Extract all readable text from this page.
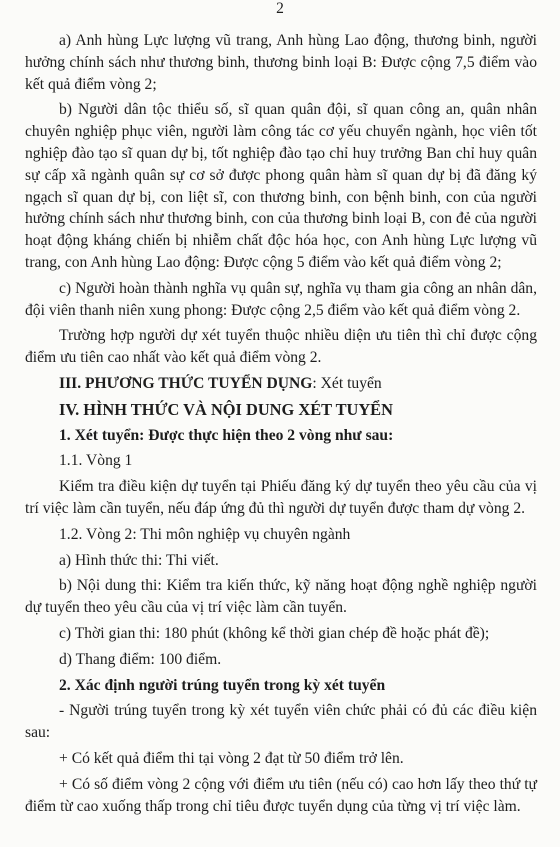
2

a) Anh hùng Lực lượng vũ trang, Anh hùng Lao động, thương binh, người hưởng chính sách như thương binh, thương binh loại B: Được cộng 7,5 điểm vào kết quả điểm vòng 2;

b) Người dân tộc thiểu số, sĩ quan quân đội, sĩ quan công an, quân nhân chuyên nghiệp phục viên, người làm công tác cơ yếu chuyển ngành, học viên tốt nghiệp đào tạo sĩ quan dự bị, tốt nghiệp đào tạo chỉ huy trưởng Ban chỉ huy quân sự cấp xã ngành quân sự cơ sở được phong quân hàm sĩ quan dự bị đã đăng ký ngạch sĩ quan dự bị, con liệt sĩ, con thương binh, con bệnh binh, con của người hưởng chính sách như thương binh, con của thương binh loại B, con đẻ của người hoạt động kháng chiến bị nhiễm chất độc hóa học, con Anh hùng Lực lượng vũ trang, con Anh hùng Lao động: Được cộng 5 điểm vào kết quả điểm vòng 2;

c) Người hoàn thành nghĩa vụ quân sự, nghĩa vụ tham gia công an nhân dân, đội viên thanh niên xung phong: Được cộng 2,5 điểm vào kết quả điểm vòng 2.

Trường hợp người dự xét tuyển thuộc nhiều diện ưu tiên thì chỉ được cộng điểm ưu tiên cao nhất vào kết quả điểm vòng 2.

III. PHƯƠNG THỨC TUYỂN DỤNG: Xét tuyển

IV. HÌNH THỨC VÀ NỘI DUNG XÉT TUYỂN

1. Xét tuyển: Được thực hiện theo 2 vòng như sau:

1.1. Vòng 1

Kiểm tra điều kiện dự tuyển tại Phiếu đăng ký dự tuyển theo yêu cầu của vị trí việc làm cần tuyển, nếu đáp ứng đủ thì người dự tuyển được tham dự vòng 2.

1.2. Vòng 2: Thi môn nghiệp vụ chuyên ngành

a) Hình thức thi: Thi viết.

b) Nội dung thi: Kiểm tra kiến thức, kỹ năng hoạt động nghề nghiệp người dự tuyển theo yêu cầu của vị trí việc làm cần tuyển.

c) Thời gian thi: 180 phút (không kể thời gian chép đề hoặc phát đề);

d) Thang điểm: 100 điểm.

2. Xác định người trúng tuyển trong kỳ xét tuyển

- Người trúng tuyển trong kỳ xét tuyển viên chức phải có đủ các điều kiện sau:

+ Có kết quả điểm thi tại vòng 2 đạt từ 50 điểm trở lên.

+ Có số điểm vòng 2 cộng với điểm ưu tiên (nếu có) cao hơn lấy theo thứ tự điểm từ cao xuống thấp trong chỉ tiêu được tuyển dụng của từng vị trí việc làm.
